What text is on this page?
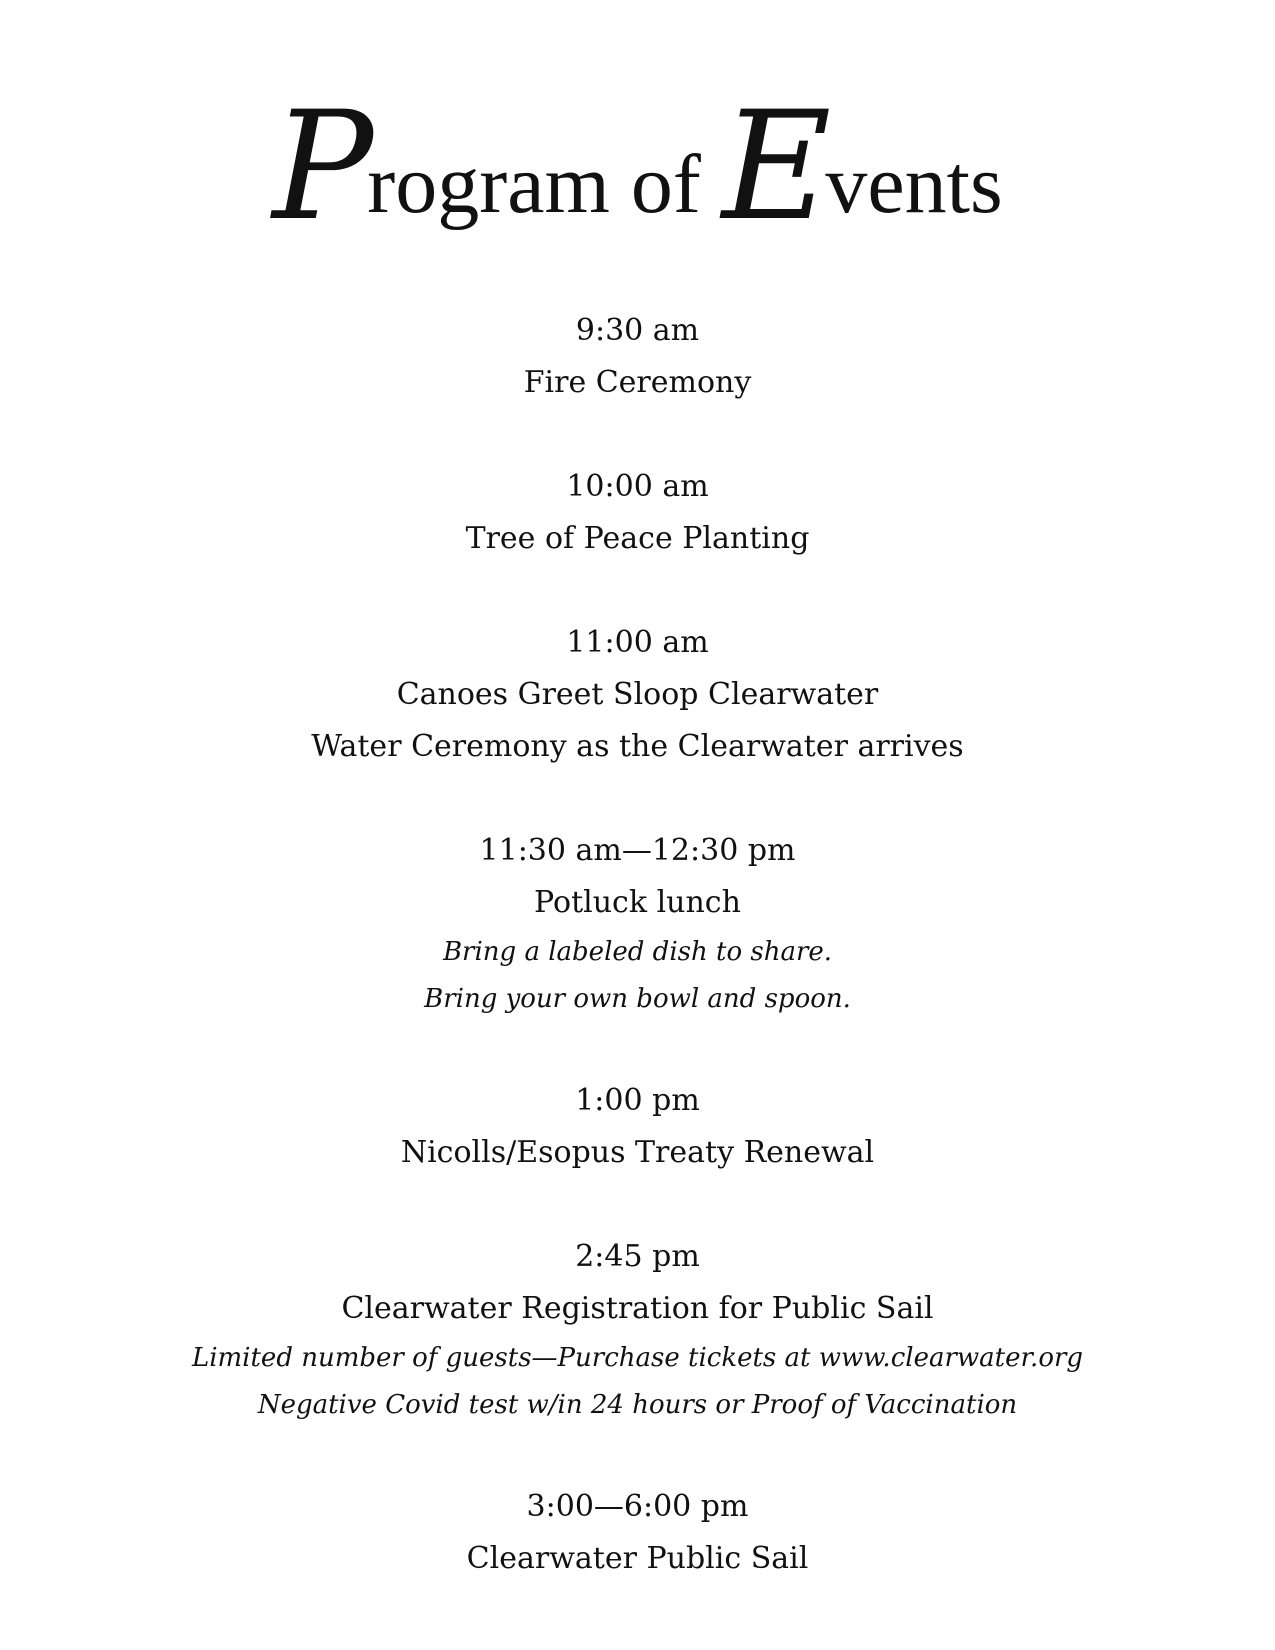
Program of Events
9:30 am
Fire Ceremony
10:00 am
Tree of Peace Planting
11:00 am
Canoes Greet Sloop Clearwater
Water Ceremony as the Clearwater arrives
11:30 am—12:30 pm
Potluck lunch
Bring a labeled dish to share.
Bring your own bowl and spoon.
1:00 pm
Nicolls/Esopus Treaty Renewal
2:45 pm
Clearwater Registration for Public Sail
Limited number of guests—Purchase tickets at www.clearwater.org
Negative Covid test w/in 24 hours or Proof of Vaccination
3:00—6:00 pm
Clearwater Public Sail
